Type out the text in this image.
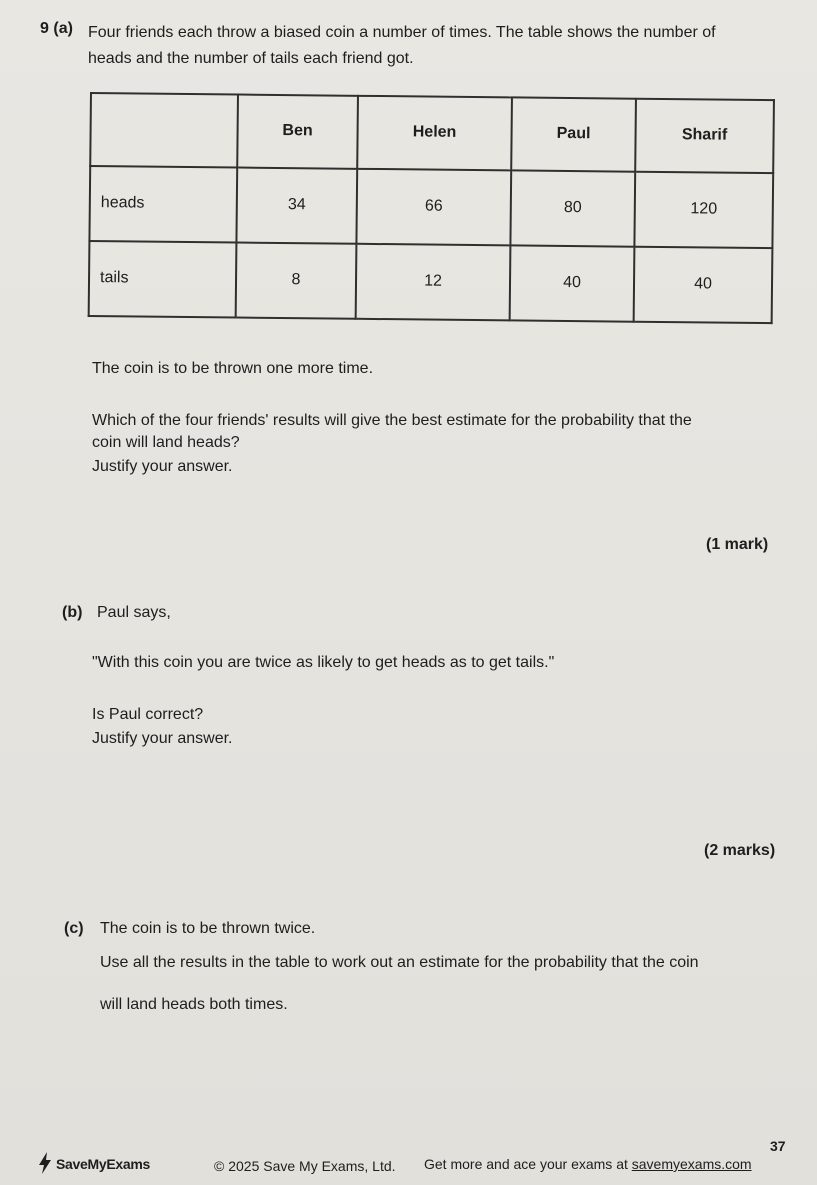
9 (a) Four friends each throw a biased coin a number of times. The table shows the number of
heads and the number of tails each friend got.
	Ben	Helen	Paul	Sharif
heads	34	66	80	120
tails	8	12	40	40
The coin is to be thrown one more time.
Which of the four friends' results will give the best estimate for the probability that the
coin will land heads?
Justify your answer.
(1 mark)
(b) Paul says,
"With this coin you are twice as likely to get heads as to get tails."
Is Paul correct?
Justify your answer.
(2 marks)
(c) The coin is to be thrown twice.
Use all the results in the table to work out an estimate for the probability that the coin
will land heads both times.
SaveMyExams	© 2025 Save My Exams, Ltd. Get more and ace your exams at savemyexams.com
37
